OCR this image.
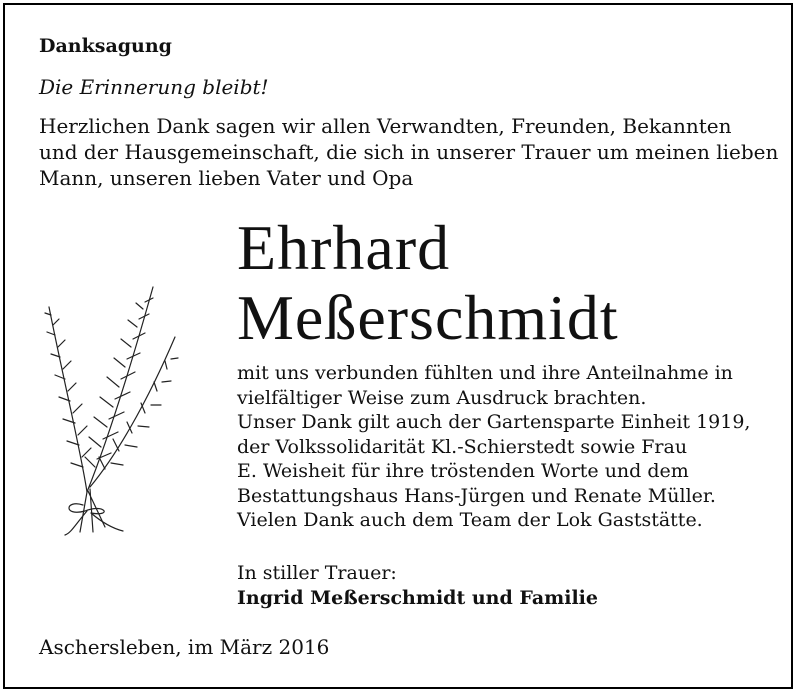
Danksagung
Die Erinnerung bleibt!
Herzlichen Dank sagen wir allen Verwandten, Freunden, Bekannten
und der Hausgemeinschaft, die sich in unserer Trauer um meinen lieben
Mann, unseren lieben Vater und Opa
Ehrhard
Meßerschmidt
mit uns verbunden fühlten und ihre Anteilnahme in
vielfältiger Weise zum Ausdruck brachten.
Unser Dank gilt auch der Gartensparte Einheit 1919,
der Volkssolidarität Kl.-Schierstedt sowie Frau
E. Weisheit für ihre tröstenden Worte und dem
Bestattungshaus Hans-Jürgen und Renate Müller.
Vielen Dank auch dem Team der Lok Gaststätte.
In stiller Trauer:
Ingrid Meßerschmidt und Familie
Aschersleben, im März 2016
